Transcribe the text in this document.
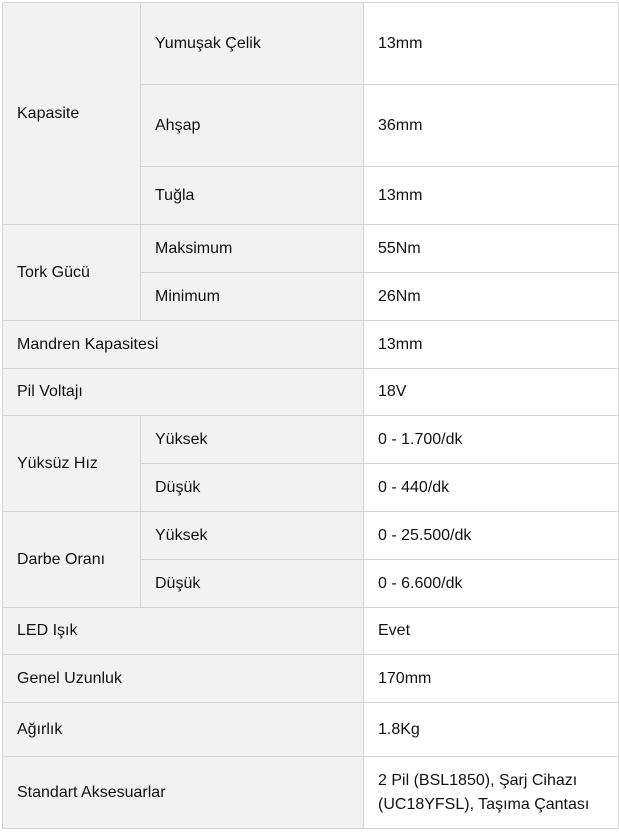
Kapasite	Yumuşak Çelik	13mm
	Ahşap	36mm
	Tuğla	13mm
Tork Gücü	Maksimum	55Nm
	Minimum	26Nm
Mandren Kapasitesi		13mm
Pil Voltajı		18V
Yüksüz Hız	Yüksek	0 - 1.700/dk
	Düşük	0 - 440/dk
Darbe Oranı	Yüksek	0 - 25.500/dk
	Düşük	0 - 6.600/dk
LED Işık		Evet
Genel Uzunluk		170mm
Ağırlık		1.8Kg
Standart Aksesuarlar		2 Pil (BSL1850), Şarj Cihazı (UC18YFSL), Taşıma Çantası
